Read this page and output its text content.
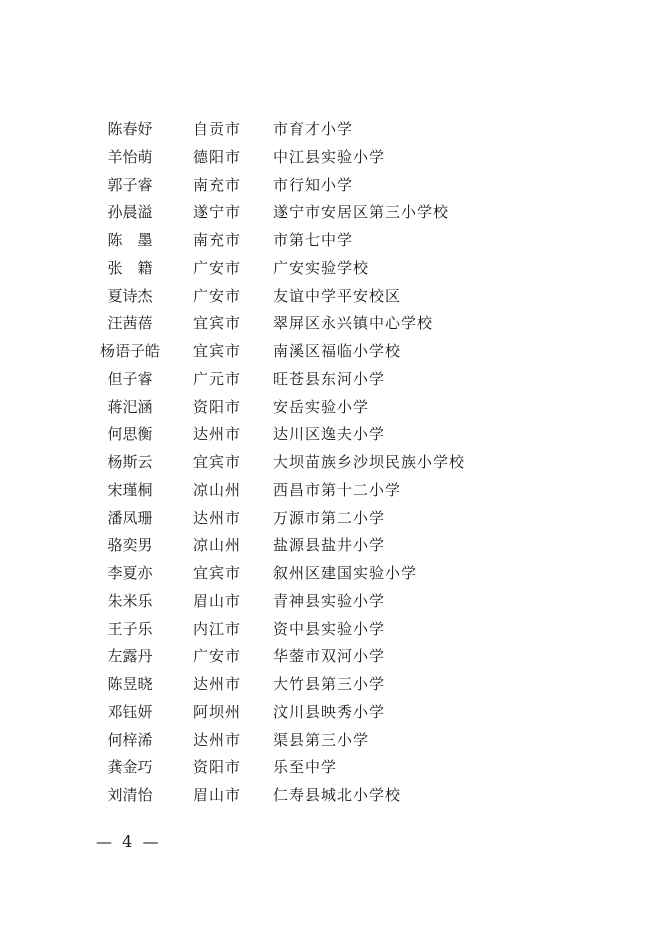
陈春妤	自贡市	市育才小学
羊怡萌	德阳市	中江县实验小学
郭子睿	南充市	市行知小学
孙晨溢	遂宁市	遂宁市安居区第三小学校
陈　墨	南充市	市第七中学
张　籍	广安市	广安实验学校
夏诗杰	广安市	友谊中学平安校区
汪茜蓓	宜宾市	翠屏区永兴镇中心学校
杨语子皓	宜宾市	南溪区福临小学校
但子睿	广元市	旺苍县东河小学
蒋汜涵	资阳市	安岳实验小学
何思衡	达州市	达川区逸夫小学
杨斯云	宜宾市	大坝苗族乡沙坝民族小学校
宋瑾桐	凉山州	西昌市第十二小学
潘凤珊	达州市	万源市第二小学
骆奕男	凉山州	盐源县盐井小学
李夏亦	宜宾市	叙州区建国实验小学
朱米乐	眉山市	青神县实验小学
王子乐	内江市	资中县实验小学
左露丹	广安市	华蓥市双河小学
陈昱晓	达州市	大竹县第三小学
邓钰妍	阿坝州	汶川县映秀小学
何梓浠	达州市	渠县第三小学
龚金巧	资阳市	乐至中学
刘清怡	眉山市	仁寿县城北小学校
—  4  —
